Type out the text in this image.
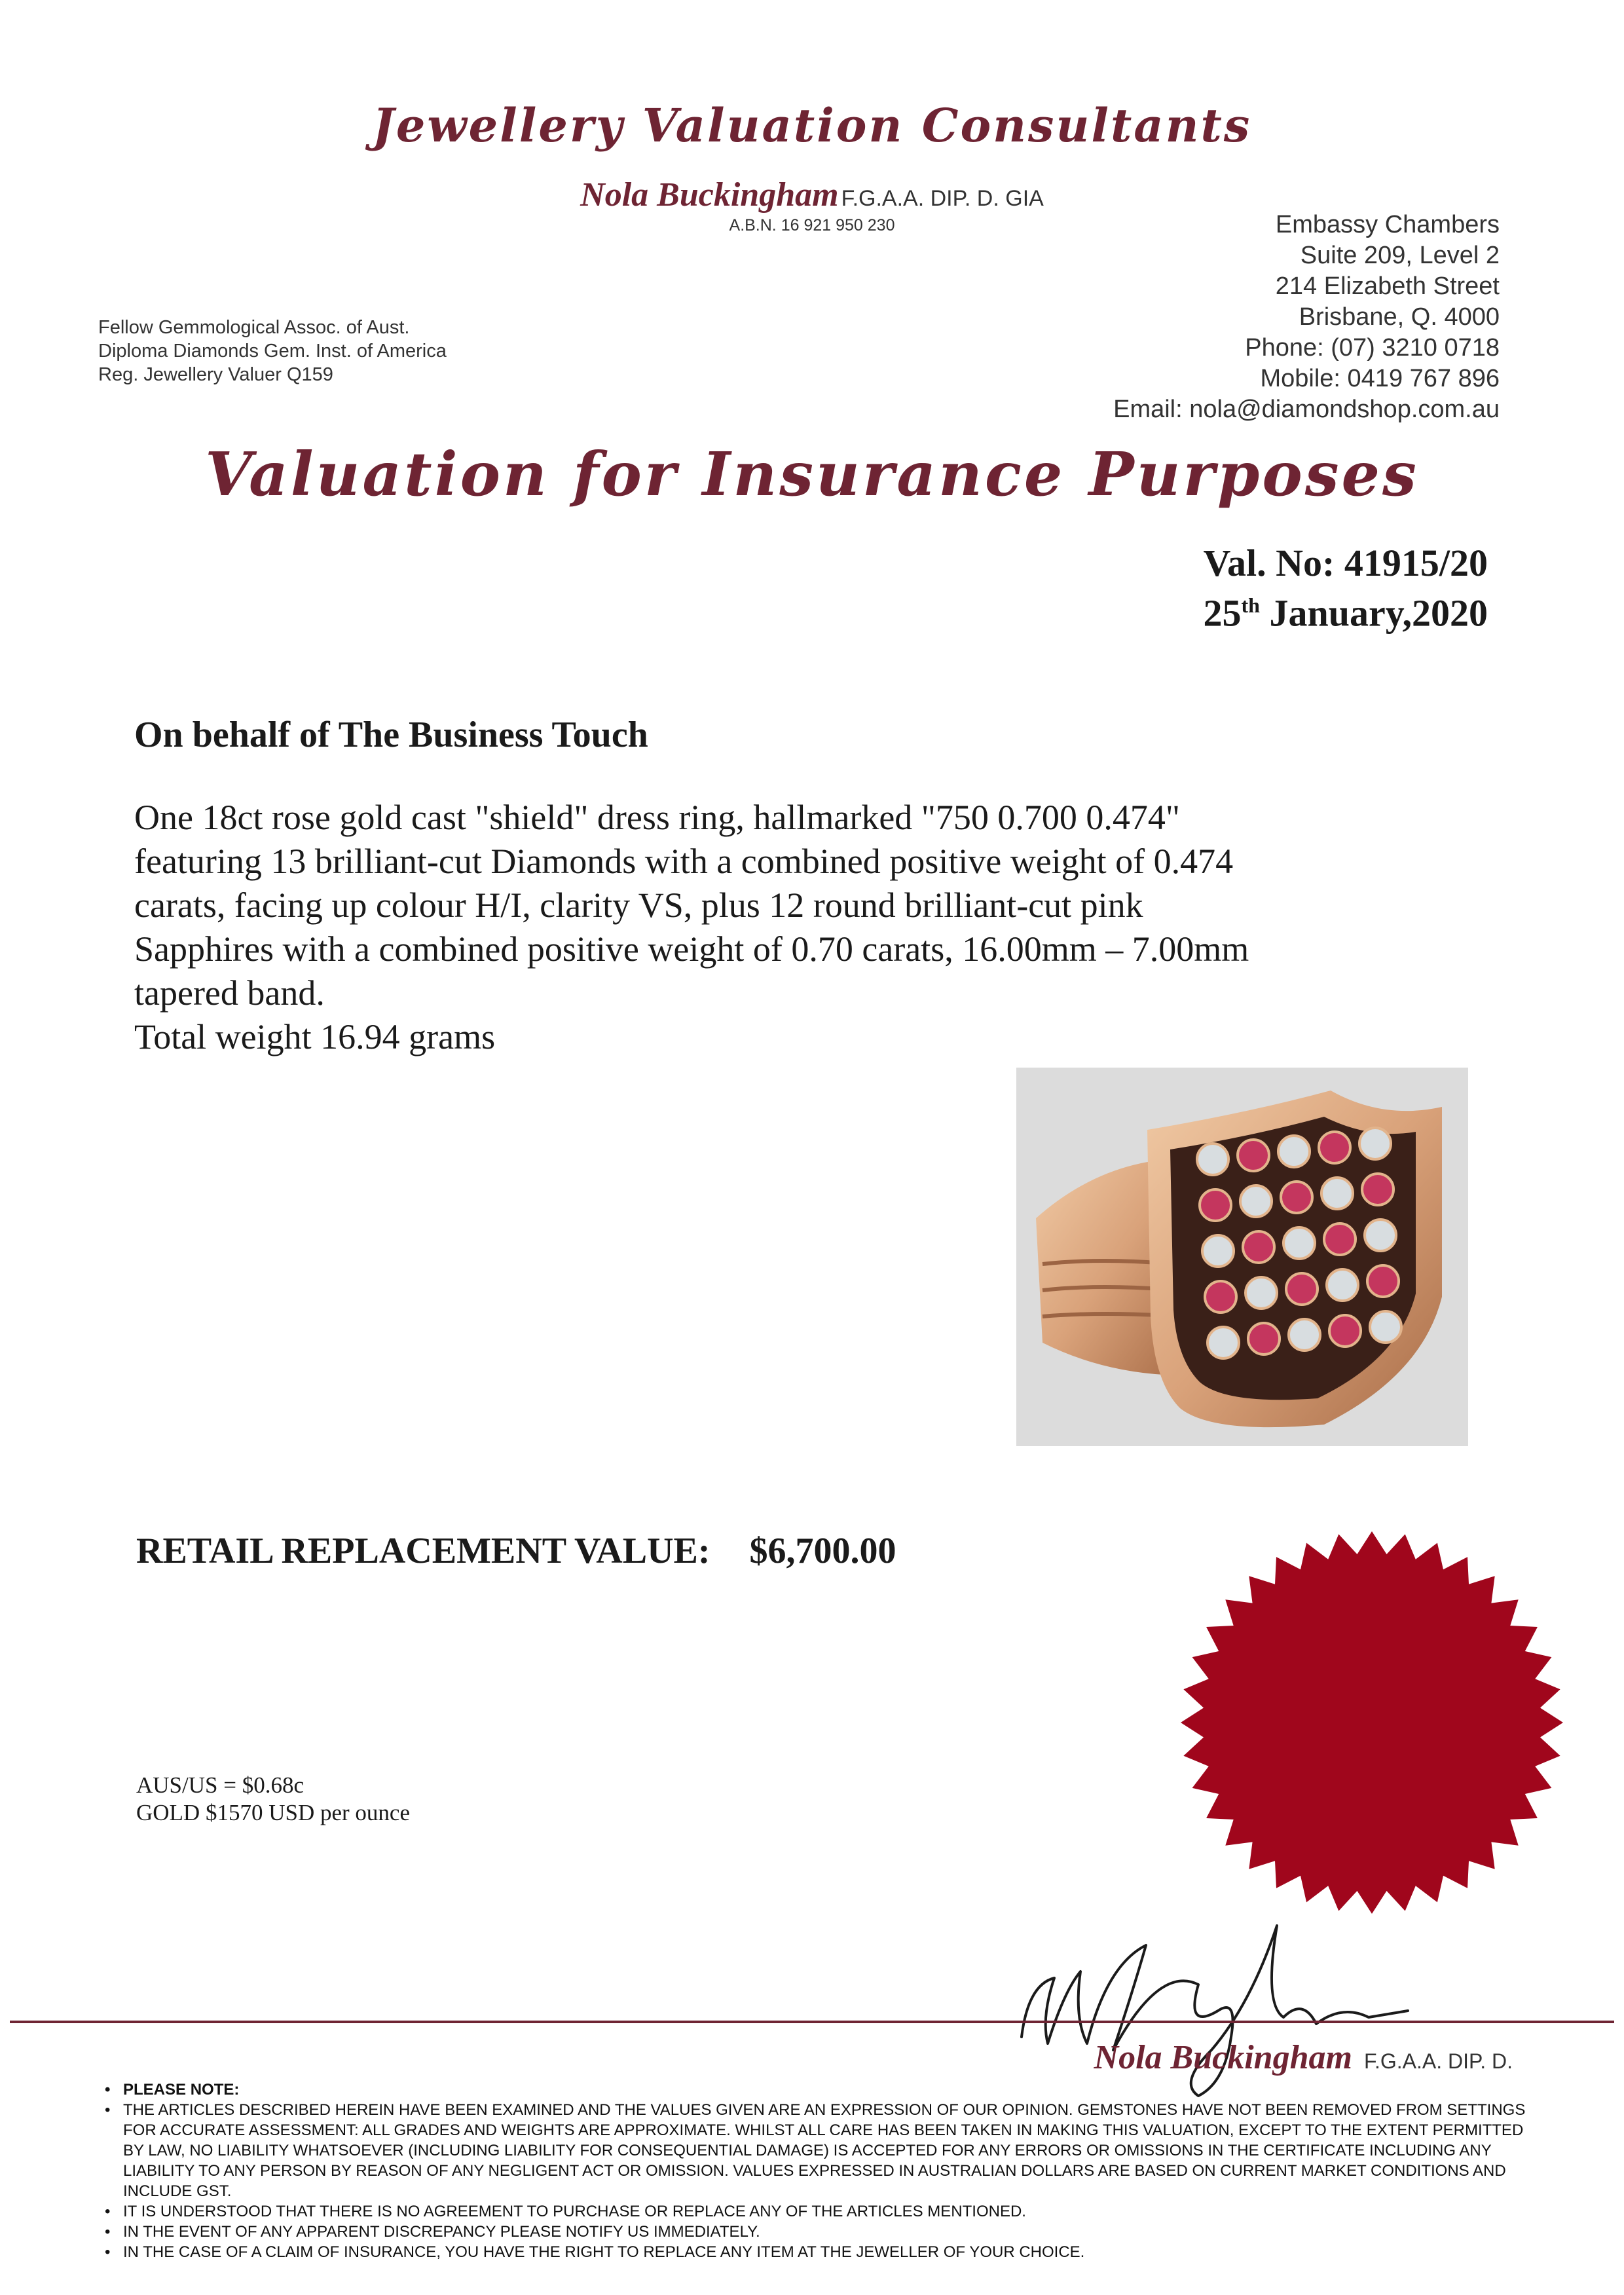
Jewellery Valuation Consultants
Nola Buckingham F.G.A.A. DIP. D. GIA
A.B.N. 16 921 950 230	Embassy Chambers
Suite 209, Level 2
214 Elizabeth Street
Brisbane, Q. 4000
Phone: (07) 3210 0718
Mobile: 0419 767 896
Email: nola@diamondshop.com.au
Fellow Gemmological Assoc. of Aust.
Diploma Diamonds Gem. Inst. of America
Reg. Jewellery Valuer Q159
Valuation for Insurance Purposes
Val. No: 41915/20
25th January,2020
On behalf of The Business Touch
One 18ct rose gold cast "shield" dress ring, hallmarked "750 0.700 0.474"
featuring 13 brilliant-cut Diamonds with a combined positive weight of 0.474
carats, facing up colour H/I, clarity VS, plus 12 round brilliant-cut pink
Sapphires with a combined positive weight of 0.70 carats, 16.00mm – 7.00mm
tapered band.
Total weight 16.94 grams
RETAIL REPLACEMENT VALUE: $6,700.00
AUS/US = $0.68c
GOLD $1570 USD per ounce
Nola Buckingham F.G.A.A. DIP. D.
• PLEASE NOTE:
• THE ARTICLES DESCRIBED HEREIN HAVE BEEN EXAMINED AND THE VALUES GIVEN ARE AN EXPRESSION OF OUR OPINION. GEMSTONES HAVE NOT BEEN REMOVED FROM SETTINGS FOR ACCURATE ASSESSMENT: ALL GRADES AND WEIGHTS ARE APPROXIMATE. WHILST ALL CARE HAS BEEN TAKEN IN MAKING THIS VALUATION, EXCEPT TO THE EXTENT PERMITTED BY LAW, NO LIABILITY WHATSOEVER (INCLUDING LIABILITY FOR CONSEQUENTIAL DAMAGE) IS ACCEPTED FOR ANY ERRORS OR OMISSIONS IN THE CERTIFICATE INCLUDING ANY LIABILITY TO ANY PERSON BY REASON OF ANY NEGLIGENT ACT OR OMISSION. VALUES EXPRESSED IN AUSTRALIAN DOLLARS ARE BASED ON CURRENT MARKET CONDITIONS AND INCLUDE GST.
• IT IS UNDERSTOOD THAT THERE IS NO AGREEMENT TO PURCHASE OR REPLACE ANY OF THE ARTICLES MENTIONED.
• IN THE EVENT OF ANY APPARENT DISCREPANCY PLEASE NOTIFY US IMMEDIATELY.
• IN THE CASE OF A CLAIM OF INSURANCE, YOU HAVE THE RIGHT TO REPLACE ANY ITEM AT THE JEWELLER OF YOUR CHOICE.
